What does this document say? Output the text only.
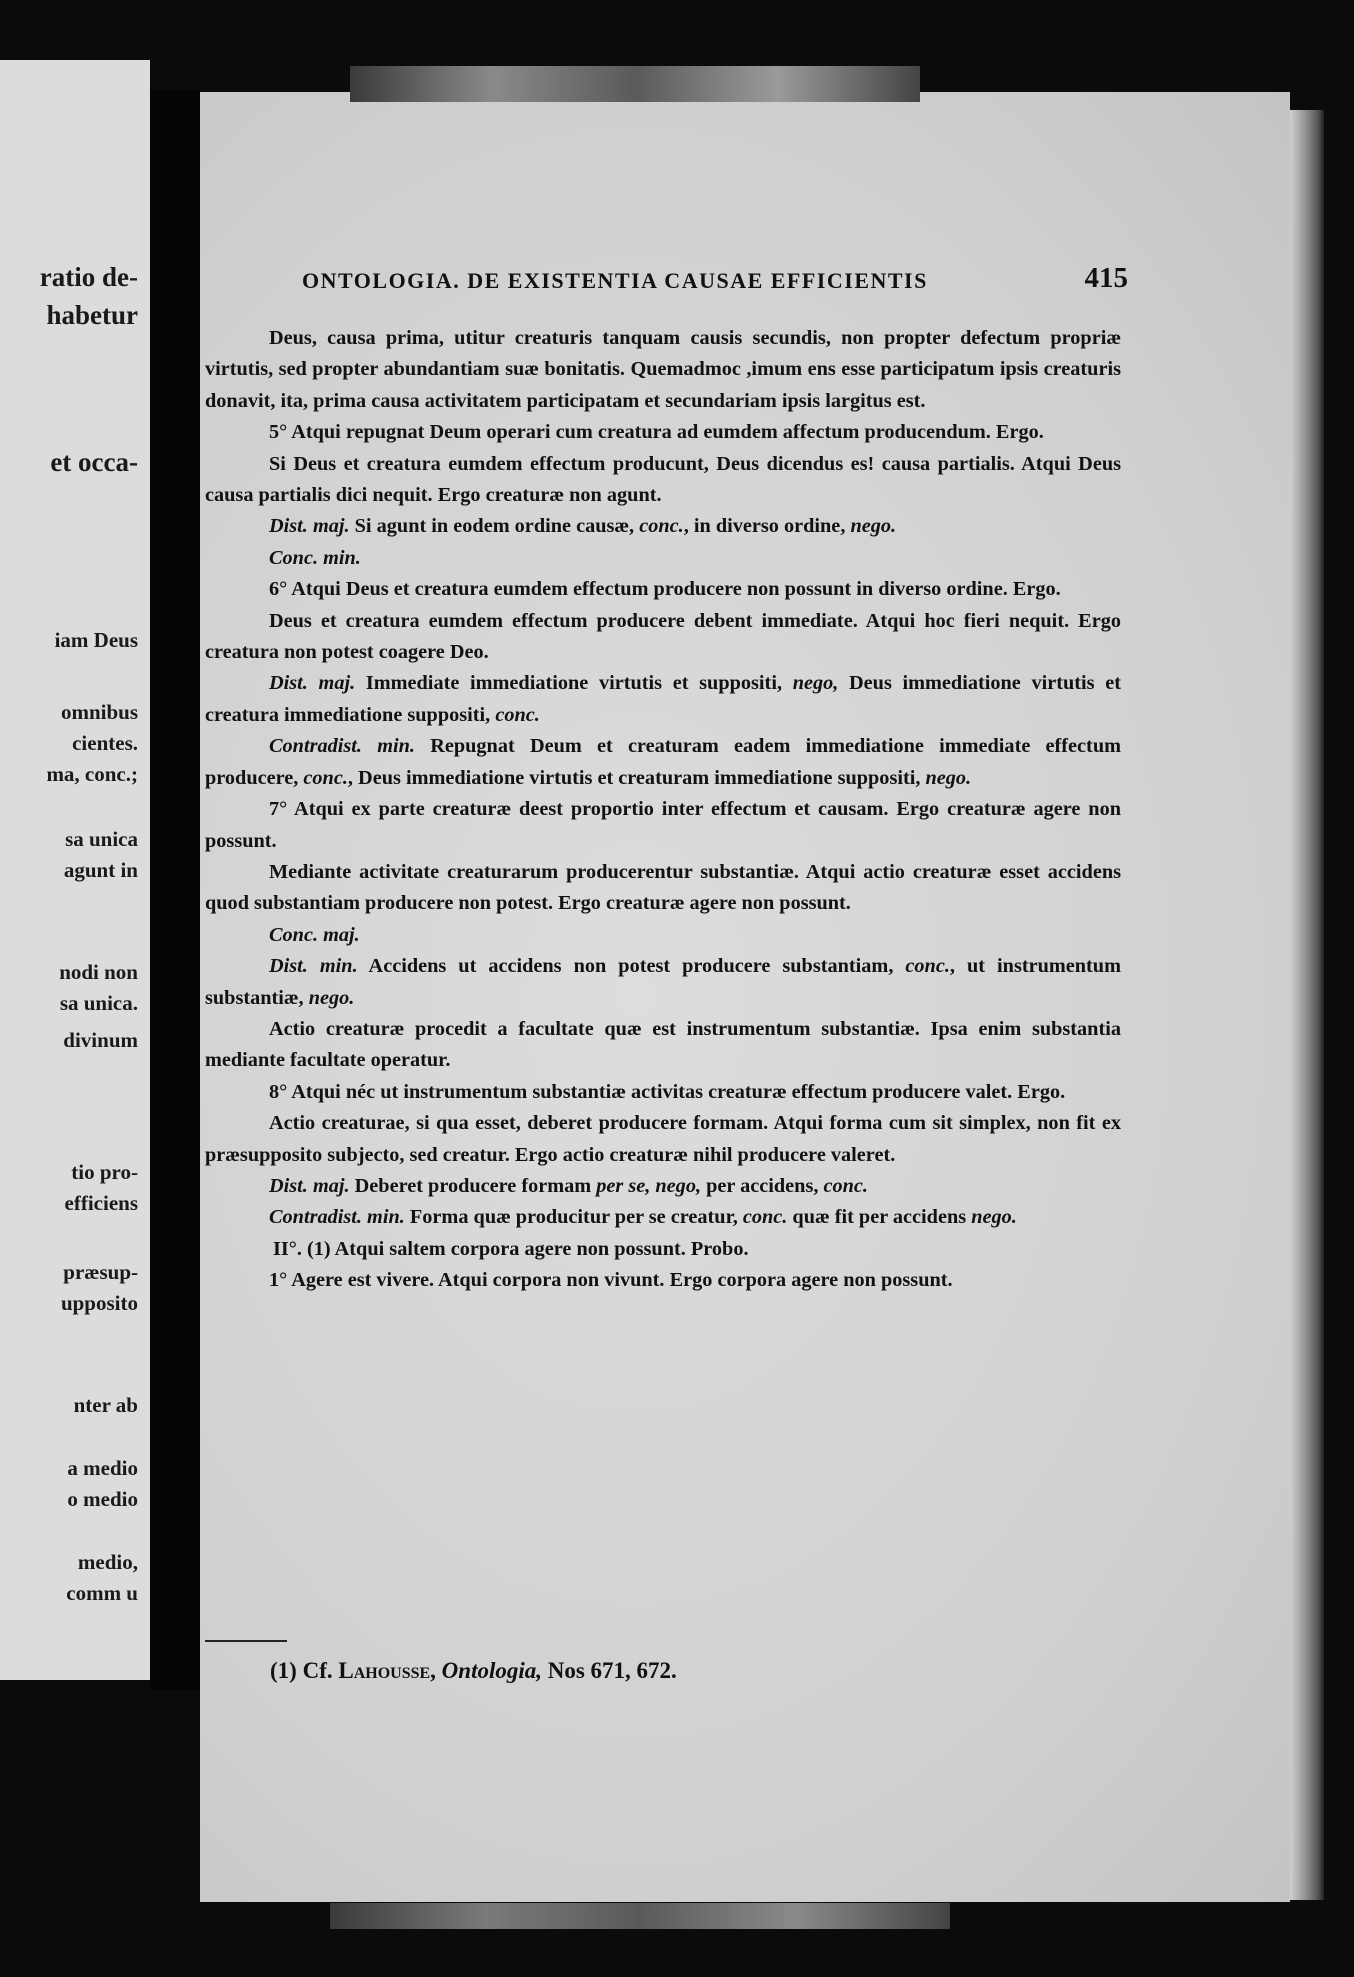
ratio de-
habetur
et occa-
iam Deus
omnibus
cientes.
ma, conc.;
sa unica
agunt in
nodi non
sa unica.
divinum
tio pro-
efficiens
præsup-
upposito
nter ab
a medio
o medio
medio,
comm u
ONTOLOGIA. DE EXISTENTIA CAUSAE EFFICIENTIS	415

Deus, causa prima, utitur creaturis tanquam causis secundis, non propter defectum propriæ virtutis, sed propter abundantiam suæ bonitatis. Quemadmoc ,imum ens esse participatum ipsis creaturis donavit, ita, prima causa activitatem participatam et secundariam ipsis largitus est.

5° Atqui repugnat Deum operari cum creatura ad eumdem affectum producendum. Ergo.

Si Deus et creatura eumdem effectum producunt, Deus dicendus es! causa partialis. Atqui Deus causa partialis dici nequit. Ergo creaturæ non agunt.

Dist. maj. Si agunt in eodem ordine causæ, conc., in diverso ordine, nego.

Conc. min.

6° Atqui Deus et creatura eumdem effectum producere non possunt in diverso ordine. Ergo.

Deus et creatura eumdem effectum producere debent immediate. Atqui hoc fieri nequit. Ergo creatura non potest coagere Deo.

Dist. maj. Immediate immediatione virtutis et suppositi, nego, Deus immediatione virtutis et creatura immediatione suppositi, conc.

Contradist. min. Repugnat Deum et creaturam eadem immediatione immediate effectum producere, conc., Deus immediatione virtutis et creaturam immediatione suppositi, nego.

7° Atqui ex parte creaturæ deest proportio inter effectum et causam. Ergo creaturæ agere non possunt.

Mediante activitate creaturarum producerentur substantiæ. Atqui actio creaturæ esset accidens quod substantiam producere non potest. Ergo creaturæ agere non possunt.

Conc. maj.

Dist. min. Accidens ut accidens non potest producere substantiam, conc., ut instrumentum substantiæ, nego.

Actio creaturæ procedit a facultate quæ est instrumentum substantiæ. Ipsa enim substantia mediante facultate operatur.

8° Atqui néc ut instrumentum substantiæ activitas creaturæ effectum producere valet. Ergo.

Actio creaturae, si qua esset, deberet producere formam. Atqui forma cum sit simplex, non fit ex præsupposito subjecto, sed creatur. Ergo actio creaturæ nihil producere valeret.

Dist. maj. Deberet producere formam per se, nego, per accidens, conc.

Contradist. min. Forma quæ producitur per se creatur, conc. quæ fit per accidens nego.

II°. (1) Atqui saltem corpora agere non possunt. Probo.

1° Agere est vivere. Atqui corpora non vivunt. Ergo corpora agere non possunt.

(1) Cf. Lahousse, Ontologia, Nos 671, 672.
